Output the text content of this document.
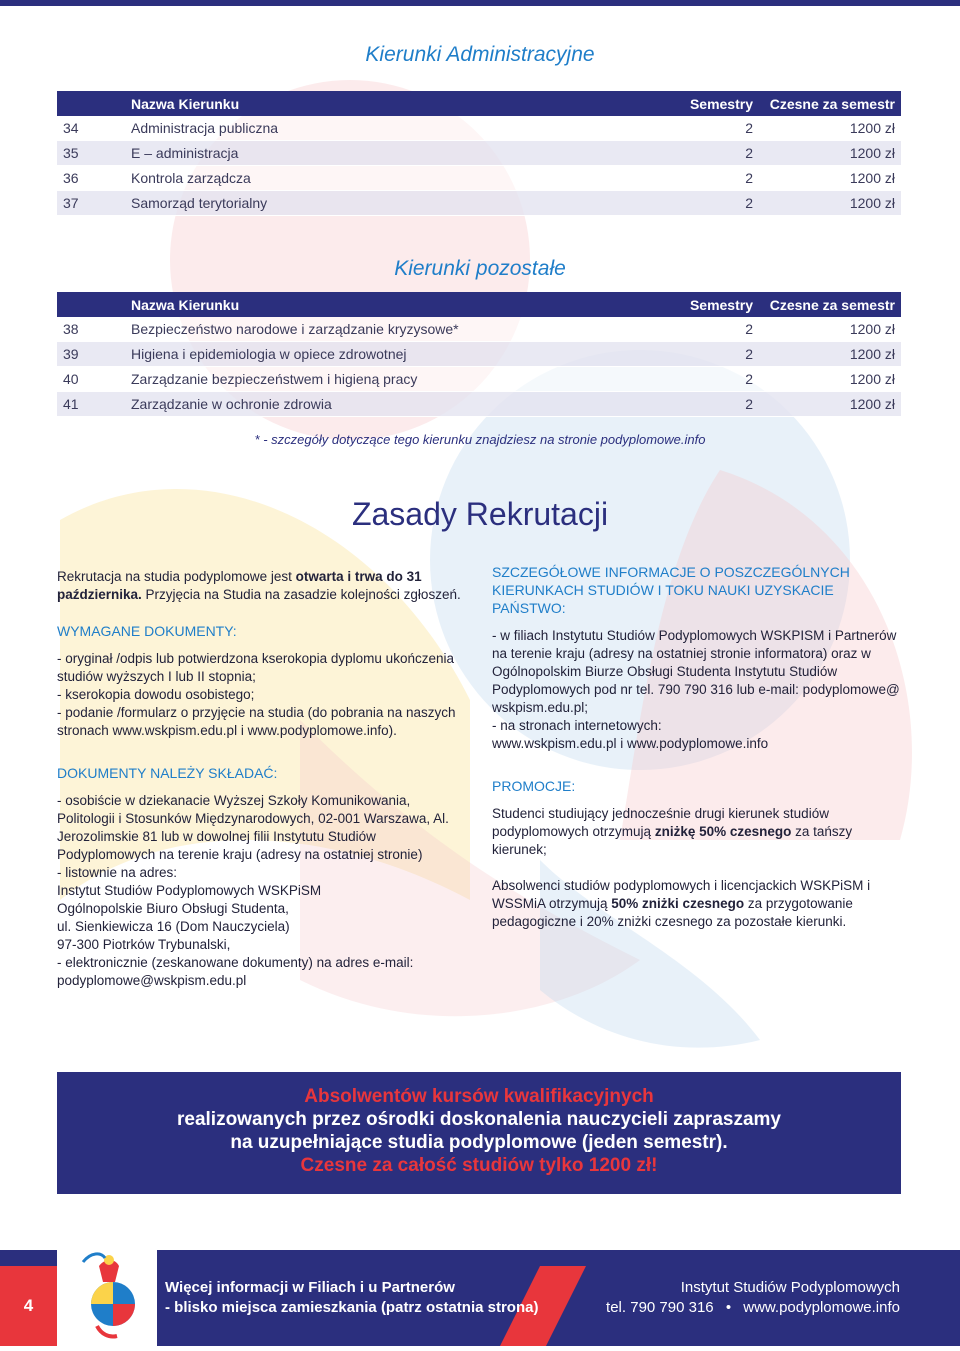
Kierunki Administracyjne
	Nazwa Kierunku	Semestry	Czesne za semestr
34	Administracja publiczna	2	1200 zł
35	E – administracja	2	1200 zł
36	Kontrola zarządcza	2	1200 zł
37	Samorząd terytorialny	2	1200 zł
Kierunki pozostałe
	Nazwa Kierunku	Semestry	Czesne za semestr
38	Bezpieczeństwo narodowe i zarządzanie kryzysowe*	2	1200 zł
39	Higiena i epidemiologia w opiece zdrowotnej	2	1200 zł
40	Zarządzanie bezpieczeństwem i higieną pracy	2	1200 zł
41	Zarządzanie w ochronie zdrowia	2	1200 zł
* - szczegóły dotyczące tego kierunku znajdziesz na stronie podyplomowe.info
Zasady Rekrutacji

Rekrutacja na studia podyplomowe jest otwarta i trwa do 31 października. Przyjęcia na Studia na zasadzie kolejności zgłoszeń.

WYMAGANE DOKUMENTY:

- oryginał /odpis lub potwierdzona kserokopia dyplomu ukończenia studiów wyższych I lub II stopnia;

- kserokopia dowodu osobistego;

- podanie /formularz o przyjęcie na studia (do pobrania na naszych stronach www.wskpism.edu.pl i www.podyplomowe.info).

DOKUMENTY NALEŻY SKŁADAĆ:

- osobiście w dziekanacie Wyższej Szkoły Komunikowania, Politologii i Stosunków Międzynarodowych, 02-001 Warszawa, Al. Jerozolimskie 81 lub w dowolnej filii Instytutu Studiów Podyplomowych na terenie kraju (adresy na ostatniej stronie)

- listownie na adres:

Instytut Studiów Podyplomowych WSKPiSM

Ogólnopolskie Biuro Obsługi Studenta,

ul. Sienkiewicza 16 (Dom Nauczyciela)

97-300 Piotrków Trybunalski,

- elektronicznie (zeskanowane dokumenty) na adres e-mail: podyplomowe@wskpism.edu.pl

SZCZEGÓŁOWE INFORMACJE O POSZCZEGÓLNYCH KIERUNKACH STUDIÓW I TOKU NAUKI UZYSKACIE PAŃSTWO:

- w filiach Instytutu Studiów Podyplomowych WSKPISM i Partnerów na terenie kraju (adresy na ostatniej stronie informatora) oraz w Ogólnopolskim Biurze Obsługi Studenta Instytutu Studiów Podyplomowych pod nr tel. 790 790 316 lub e-mail: podyplomowe@ wskpism.edu.pl;

- na stronach internetowych:

www.wskpism.edu.pl i www.podyplomowe.info

PROMOCJE:

Studenci studiujący jednocześnie drugi kierunek studiów podyplomowych otrzymują zniżkę 50% czesnego za tańszy kierunek;

Absolwenci studiów podyplomowych i licencjackich WSKPiSM i WSSMiA otrzymują 50% zniżki czesnego za przygotowanie pedagogiczne i 20% zniżki czesnego za pozostałe kierunki.

Absolwentów kursów kwalifikacyjnych
realizowanych przez ośrodki doskonalenia nauczycieli zapraszamy
na uzupełniające studia podyplomowe (jeden semestr).
Czesne za całość studiów tylko 1200 zł!
4
Więcej informacji w Filiach i u Partnerów
- blisko miejsca zamieszkania (patrz ostatnia strona)
Instytut Studiów Podyplomowych
tel. 790 790 316 • www.podyplomowe.info
